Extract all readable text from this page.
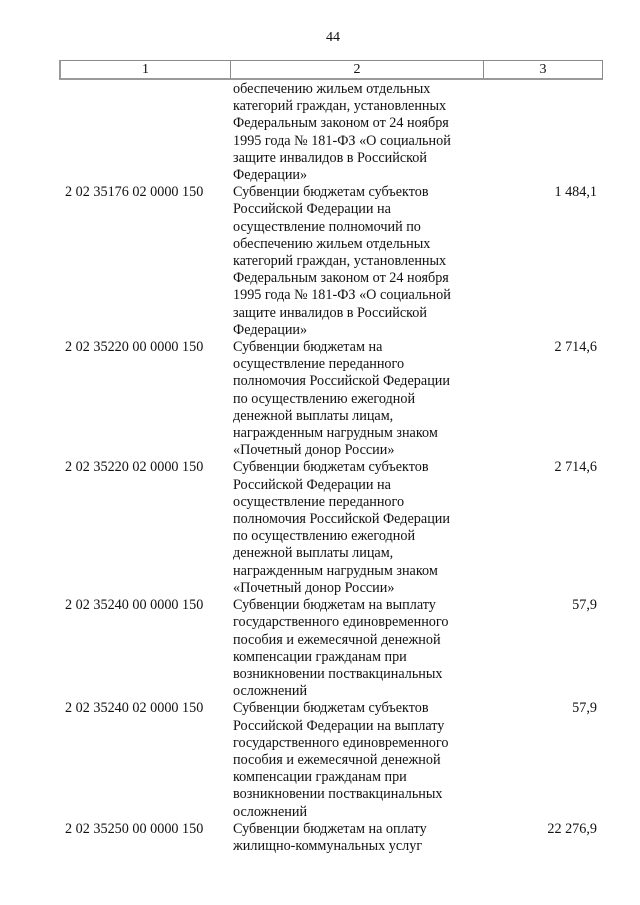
44
1	2	3
обеспечению жильем отдельных
категорий граждан, установленных
Федеральным законом от 24 ноября
1995 года № 181-ФЗ «О социальной
защите инвалидов в Российской
Федерации»
2 02 35176 02 0000 150	Субвенции бюджетам субъектов
Российской Федерации на
осуществление полномочий по
обеспечению жильем отдельных
категорий граждан, установленных
Федеральным законом от 24 ноября
1995 года № 181-ФЗ «О социальной
защите инвалидов в Российской
Федерации»
1 484,1
2 02 35220 00 0000 150	Субвенции бюджетам на
осуществление переданного
полномочия Российской Федерации
по осуществлению ежегодной
денежной выплаты лицам,
награжденным нагрудным знаком
«Почетный донор России»
2 714,6
2 02 35220 02 0000 150	Субвенции бюджетам субъектов
Российской Федерации на
осуществление переданного
полномочия Российской Федерации
по осуществлению ежегодной
денежной выплаты лицам,
награжденным нагрудным знаком
«Почетный донор России»
2 714,6
2 02 35240 00 0000 150	Субвенции бюджетам на выплату
государственного единовременного
пособия и ежемесячной денежной
компенсации гражданам при
возникновении поствакцинальных
осложнений
57,9
2 02 35240 02 0000 150	Субвенции бюджетам субъектов
Российской Федерации на выплату
государственного единовременного
пособия и ежемесячной денежной
компенсации гражданам при
возникновении поствакцинальных
осложнений
57,9
2 02 35250 00 0000 150	Субвенции бюджетам на оплату
жилищно-коммунальных услуг
22 276,9
